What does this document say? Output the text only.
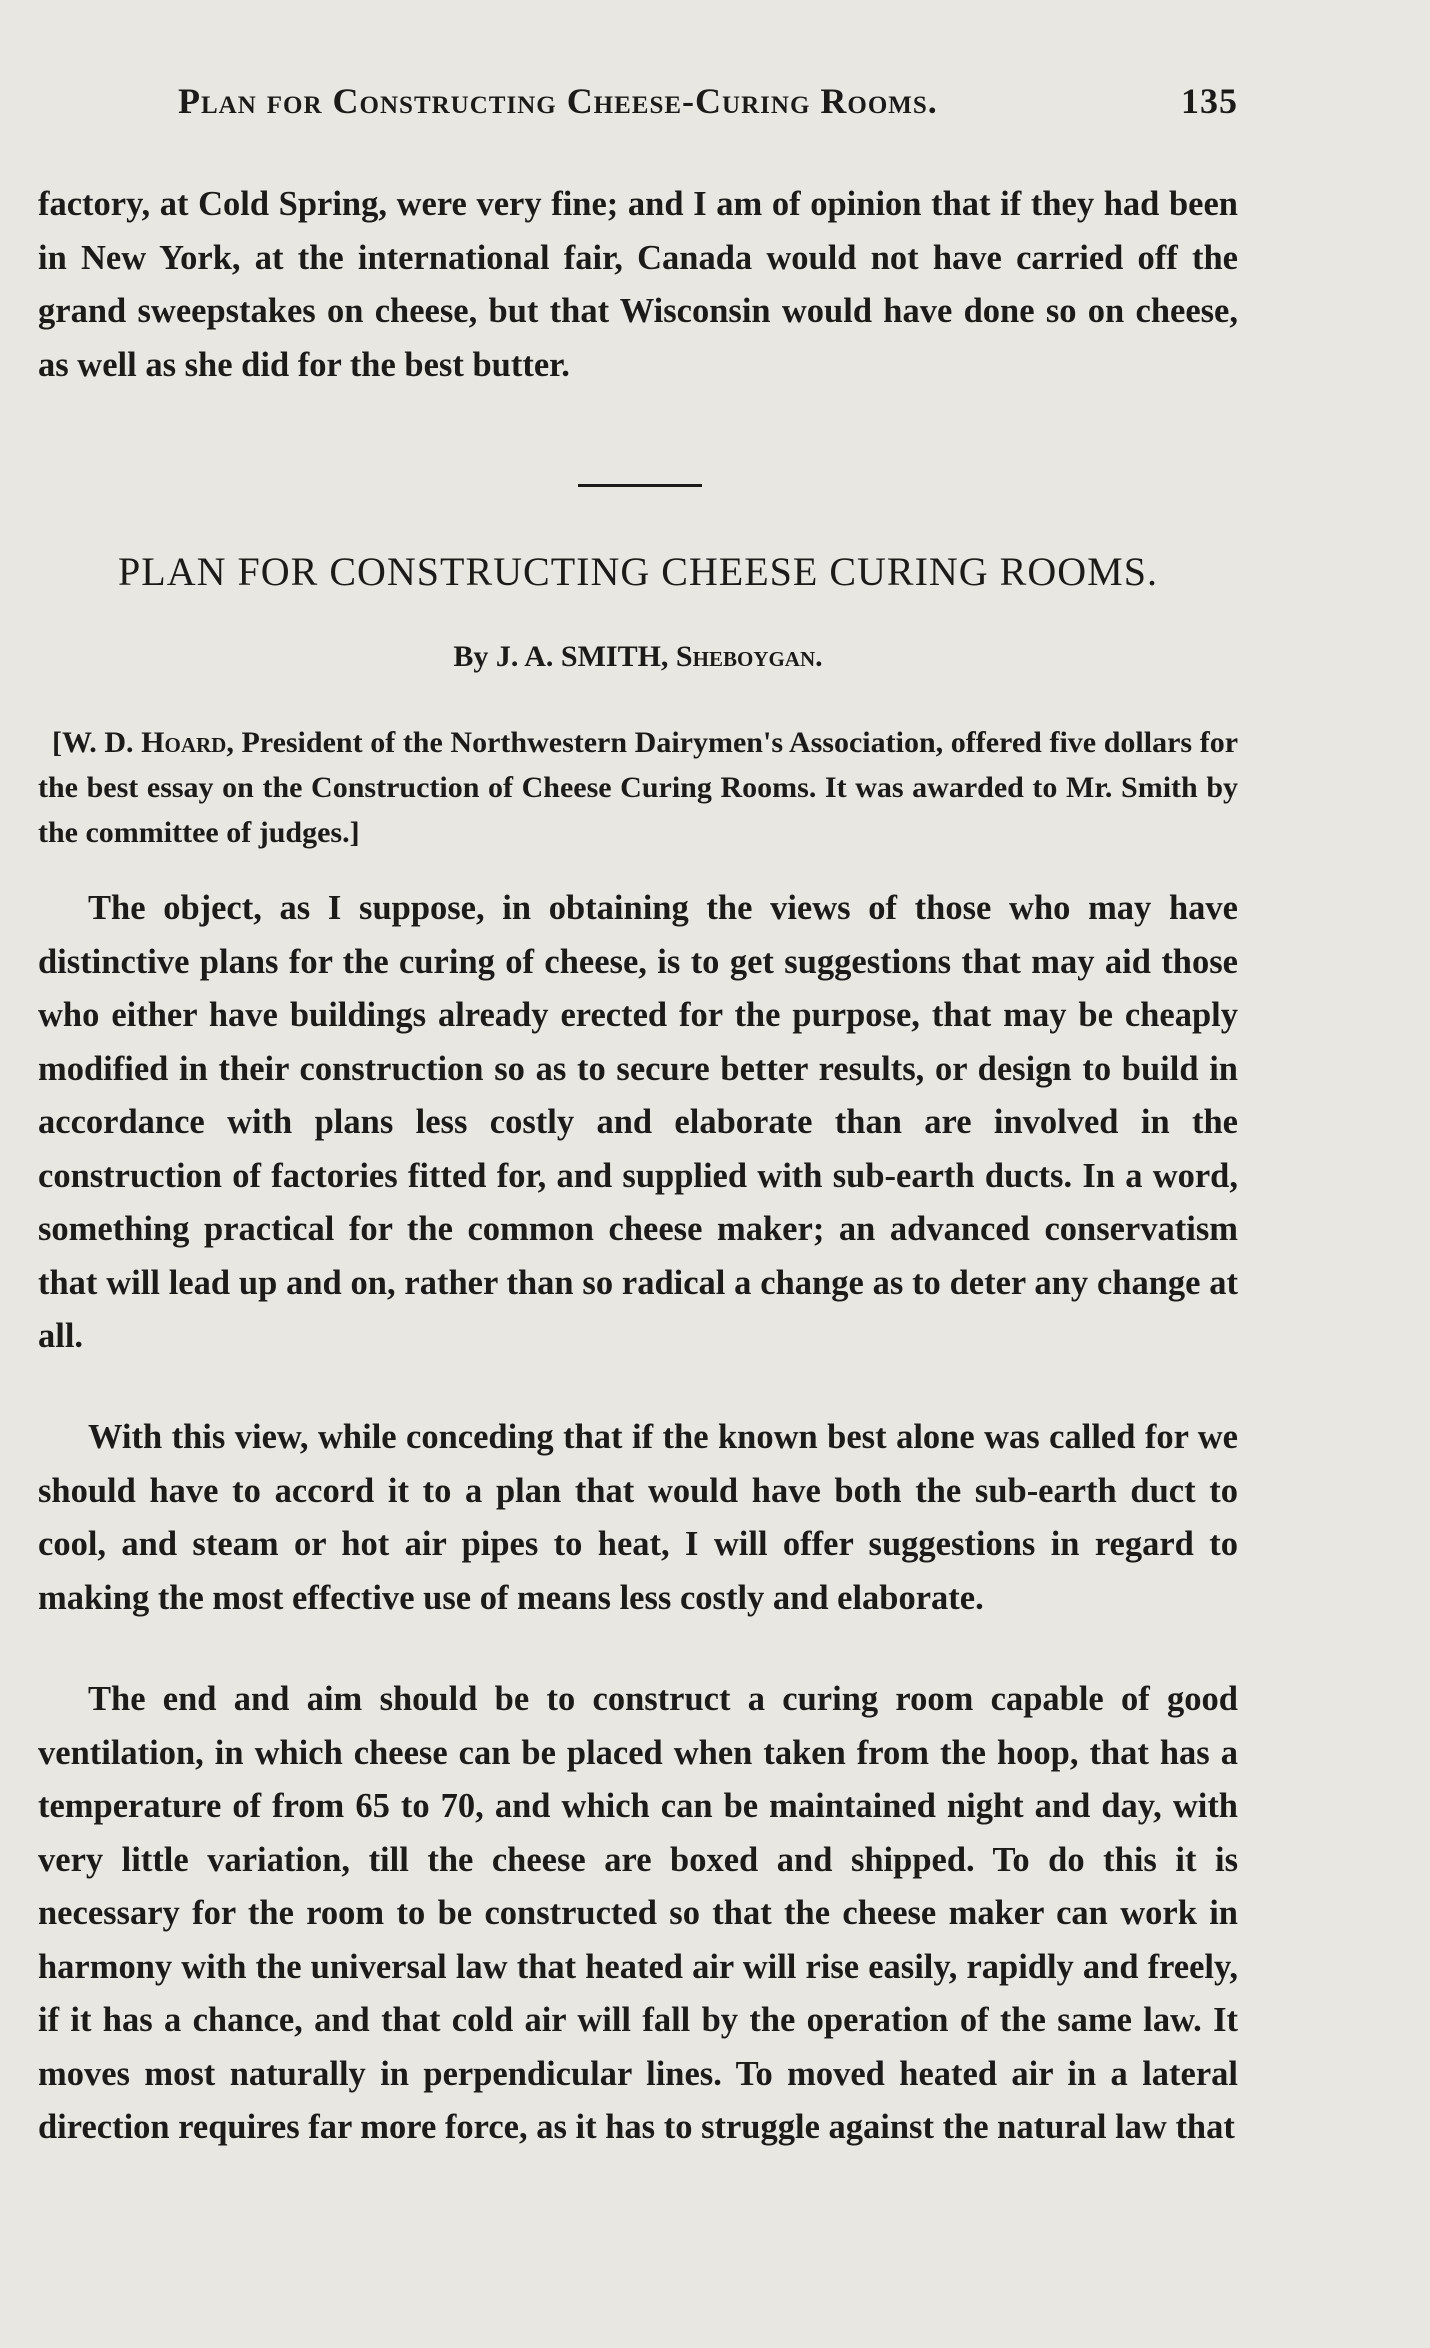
Plan for Constructing Cheese-Curing Rooms.	135

factory, at Cold Spring, were very fine; and I am of opinion that if they had been in New York, at the international fair, Canada would not have carried off the grand sweepstakes on cheese, but that Wisconsin would have done so on cheese, as well as she did for the best butter.

PLAN FOR CONSTRUCTING CHEESE CURING ROOMS.

By J. A. SMITH, Sheboygan.

[W. D. Hoard, President of the Northwestern Dairymen's Association, offered five dollars for the best essay on the Construction of Cheese Curing Rooms. It was awarded to Mr. Smith by the committee of judges.]

The object, as I suppose, in obtaining the views of those who may have distinctive plans for the curing of cheese, is to get suggestions that may aid those who either have buildings already erected for the purpose, that may be cheaply modified in their construction so as to secure better results, or design to build in accordance with plans less costly and elaborate than are involved in the construction of factories fitted for, and supplied with sub-earth ducts. In a word, something practical for the common cheese maker; an advanced conservatism that will lead up and on, rather than so radical a change as to deter any change at all.

With this view, while conceding that if the known best alone was called for we should have to accord it to a plan that would have both the sub-earth duct to cool, and steam or hot air pipes to heat, I will offer suggestions in regard to making the most effective use of means less costly and elaborate.

The end and aim should be to construct a curing room capable of good ventilation, in which cheese can be placed when taken from the hoop, that has a temperature of from 65 to 70, and which can be maintained night and day, with very little variation, till the cheese are boxed and shipped. To do this it is necessary for the room to be constructed so that the cheese maker can work in harmony with the universal law that heated air will rise easily, rapidly and freely, if it has a chance, and that cold air will fall by the operation of the same law. It moves most naturally in perpendicular lines. To moved heated air in a lateral direction requires far more force, as it has to struggle against the natural law that
